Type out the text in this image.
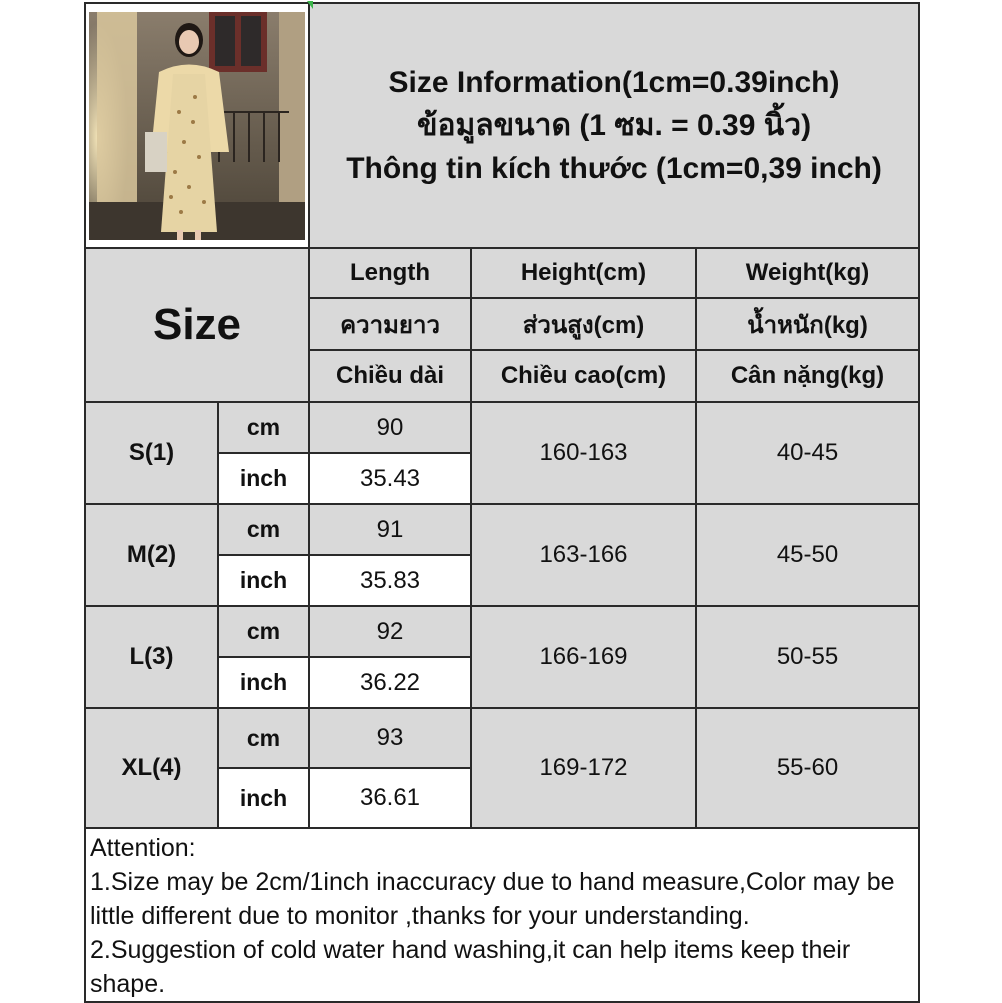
Size Information(1cm=0.39inch)
ข้อมูลขนาด (1 ซม. = 0.39 นิ้ว)
Thông tin kích thước (1cm=0,39 inch)		

Size		Length	Height(cm)	Weight(kg)
		ความยาว	ส่วนสูง(cm)	น้ำหนัก(kg)
		Chiều dài	Chiều cao(cm)	Cân nặng(kg)
S(1)	cm	90	160-163	40-45
	inch	35.43		
M(2)	cm	91	163-166	45-50
	inch	35.83		
L(3)	cm	92	166-169	50-55
	inch	36.22		
XL(4)	cm	93	169-172	55-60
	inch	36.61		

Attention:
1.Size may be 2cm/1inch inaccuracy due to hand measure,Color may be little different due to monitor ,thanks for your understanding.
2.Suggestion of cold water hand washing,it can help items keep their shape.				
